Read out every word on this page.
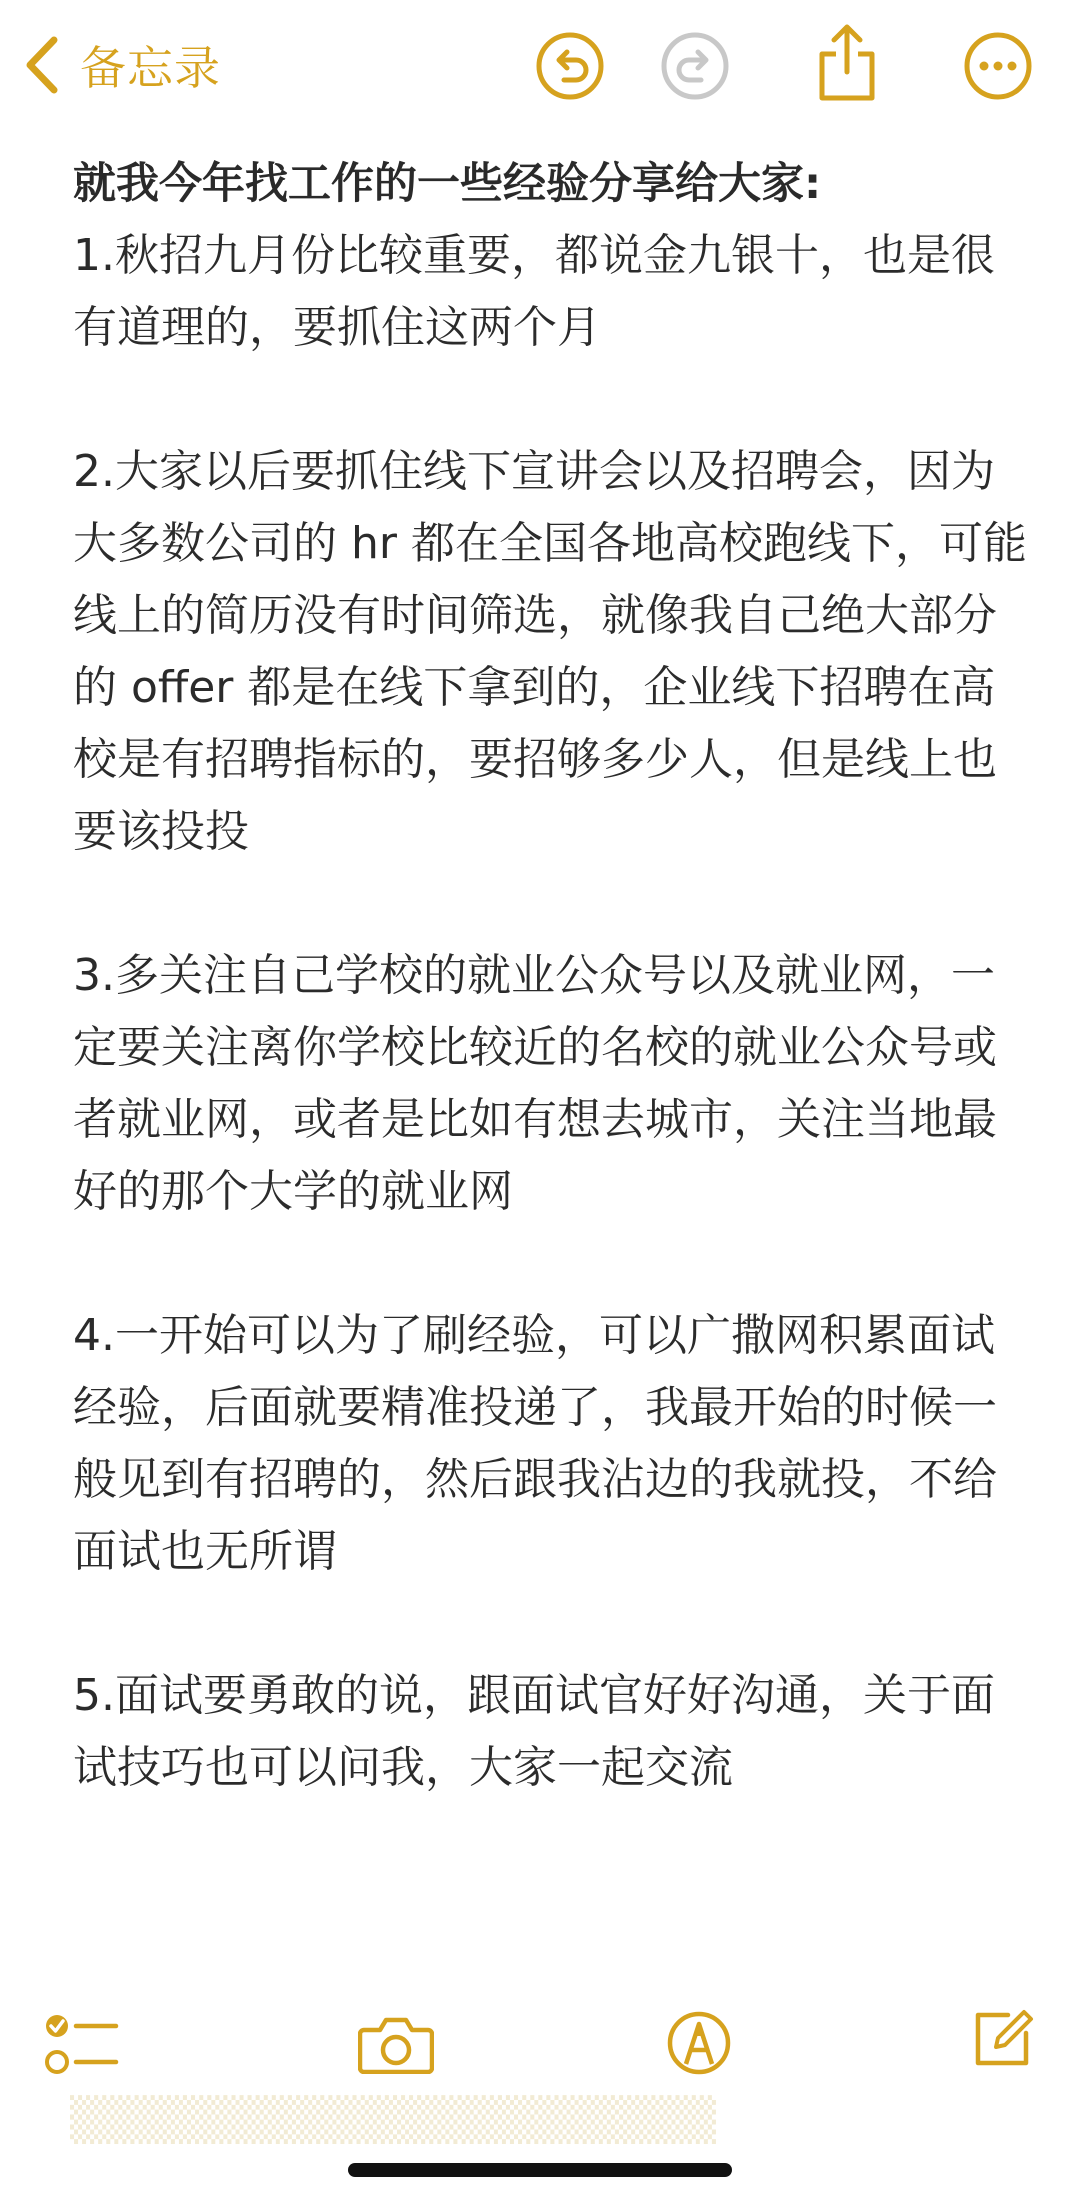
备忘录
就我今年找工作的一些经验分享给大家:
1.秋招九月份比较重要，都说金九银十，也是很有道理的，要抓住这两个月
2.大家以后要抓住线下宣讲会以及招聘会，因为大多数公司的 hr 都在全国各地高校跑线下，可能线上的简历没有时间筛选，就像我自己绝大部分的 offer 都是在线下拿到的，企业线下招聘在高校是有招聘指标的，要招够多少人，但是线上也要该投投
3.多关注自己学校的就业公众号以及就业网，一定要关注离你学校比较近的名校的就业公众号或者就业网，或者是比如有想去城市，关注当地最好的那个大学的就业网
4.一开始可以为了刷经验，可以广撒网积累面试经验，后面就要精准投递了，我最开始的时候一般见到有招聘的，然后跟我沾边的我就投，不给面试也无所谓
5.面试要勇敢的说，跟面试官好好沟通，关于面试技巧也可以问我，大家一起交流
▒▒▒▒▒▒▒▒▒▒▒▒▒▒▒▒▒▒▒▒
